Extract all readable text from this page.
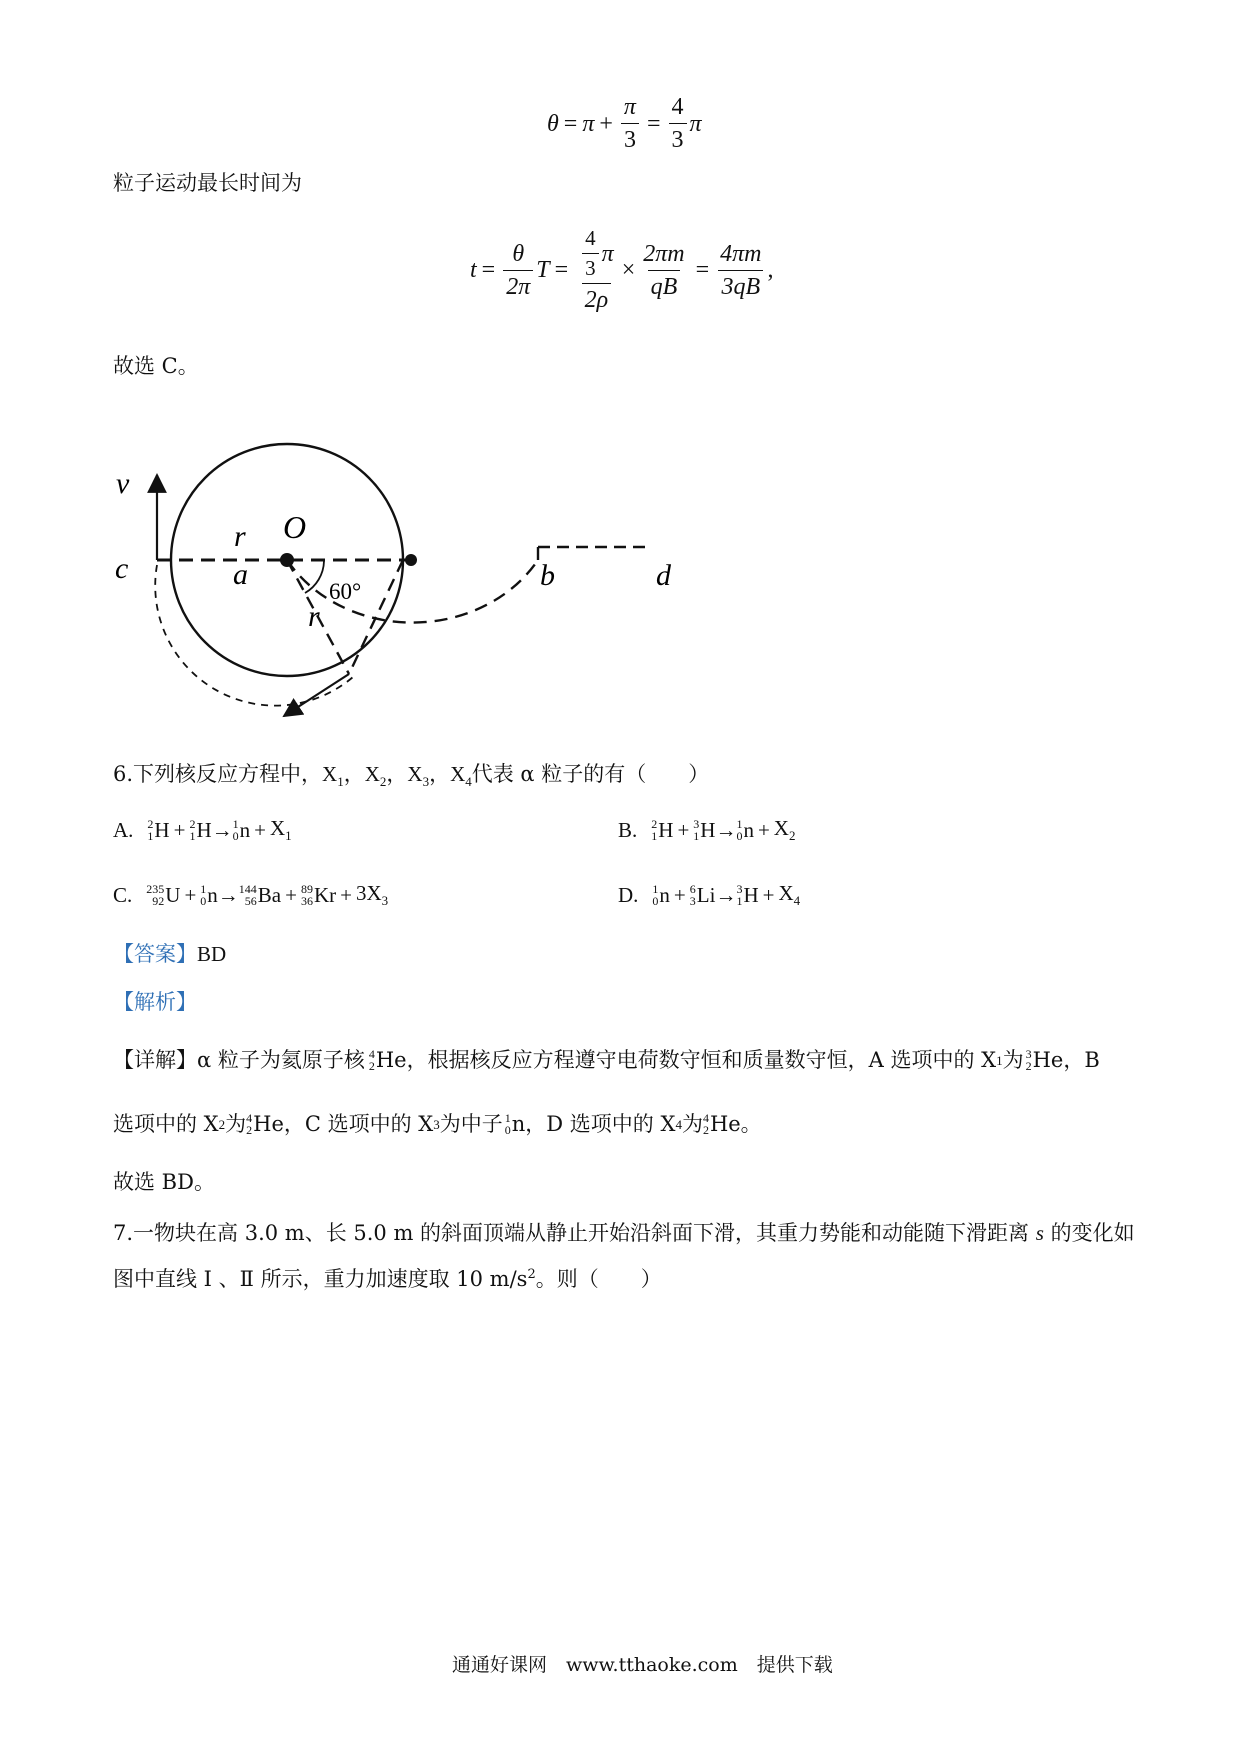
$\theta = \pi + \frac{\pi}{3} = \frac{4}{3}$ π
粒子运动最长时间为
$t = \frac{\theta}{2\pi}$ $T = \frac{\frac{4}{3} \pi}{2\rho} \times \frac{2\pi m}{qB} = \frac{4\pi m}{3qB}$ ,
故选 C。
v
r O
c	a
60°
r
b	d
6.下列核反应方程中，$X_1$，$X_2$，$X_3$，$X_4$代表 α 粒子的有（　　）
A. 2
1 H + 2
1 H → 1
0 $n + X_1$	B. 2
1 H + 3
1 H → 1
0 $n + X_2$
C. 235
92 U + 1
0 n → 144
56 Ba + 89
36 $Kr + 3X_3$	D. 1
0 n + 6
3 Li → 3
1 $H + X_4$
【答案】BD
【解析】
【详解】 α 粒子为氦原子核 4
2 He，根据核反应方程遵守电荷数守恒和质量数守恒，A 选项中的 X 1 为 3
2 He，B
选项中的 X 2 为 4
2 He，C 选项中的 X 3 为中子 1
0 n，D 选项中的 X 4 为 4
2 He。
故选 BD。
7.一物块在高 3.0 m、长 5.0 m 的斜面顶端从静止开始沿斜面下滑，其重力势能和动能随下滑距离 s 的变化如
图中直线 Ⅰ 、Ⅱ 所示，重力加速度取 10 $m/s^2$。则（　　）
通通好课网　www.tthaoke.com　提供下载
